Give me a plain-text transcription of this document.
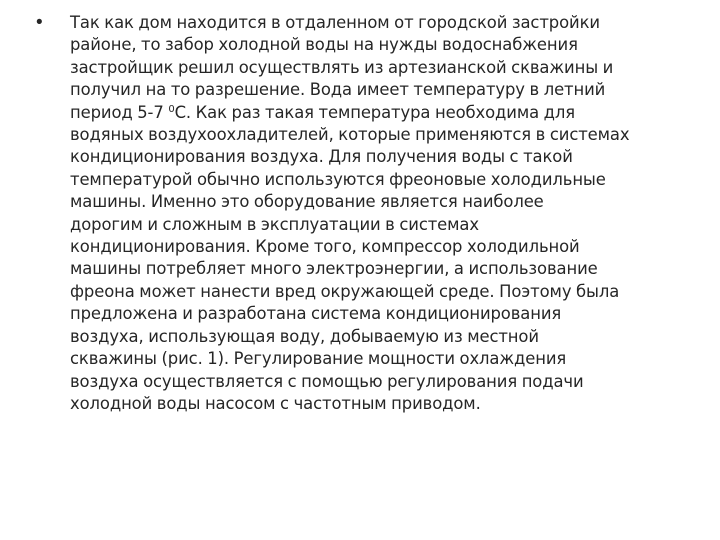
•	Так как дом находится в отдаленном от городской застройки
районе, то забор холодной воды на нужды водоснабжения
застройщик решил осуществлять из артезианской скважины и
получил на то разрешение. Вода имеет температуру в летний
период 5-7 $^0$С. Как раз такая температура необходима для
водяных воздухоохладителей, которые применяются в системах
кондиционирования воздуха. Для получения воды с такой
температурой обычно используются фреоновые холодильные
машины. Именно это оборудование является наиболее
дорогим и сложным в эксплуатации в системах
кондиционирования. Кроме того, компрессор холодильной
машины потребляет много электроэнергии, а использование
фреона может нанести вред окружающей среде. Поэтому была
предложена и разработана система кондиционирования
воздуха, использующая воду, добываемую из местной
скважины (рис. 1). Регулирование мощности охлаждения
воздуха осуществляется с помощью регулирования подачи
холодной воды насосом с частотным приводом.
